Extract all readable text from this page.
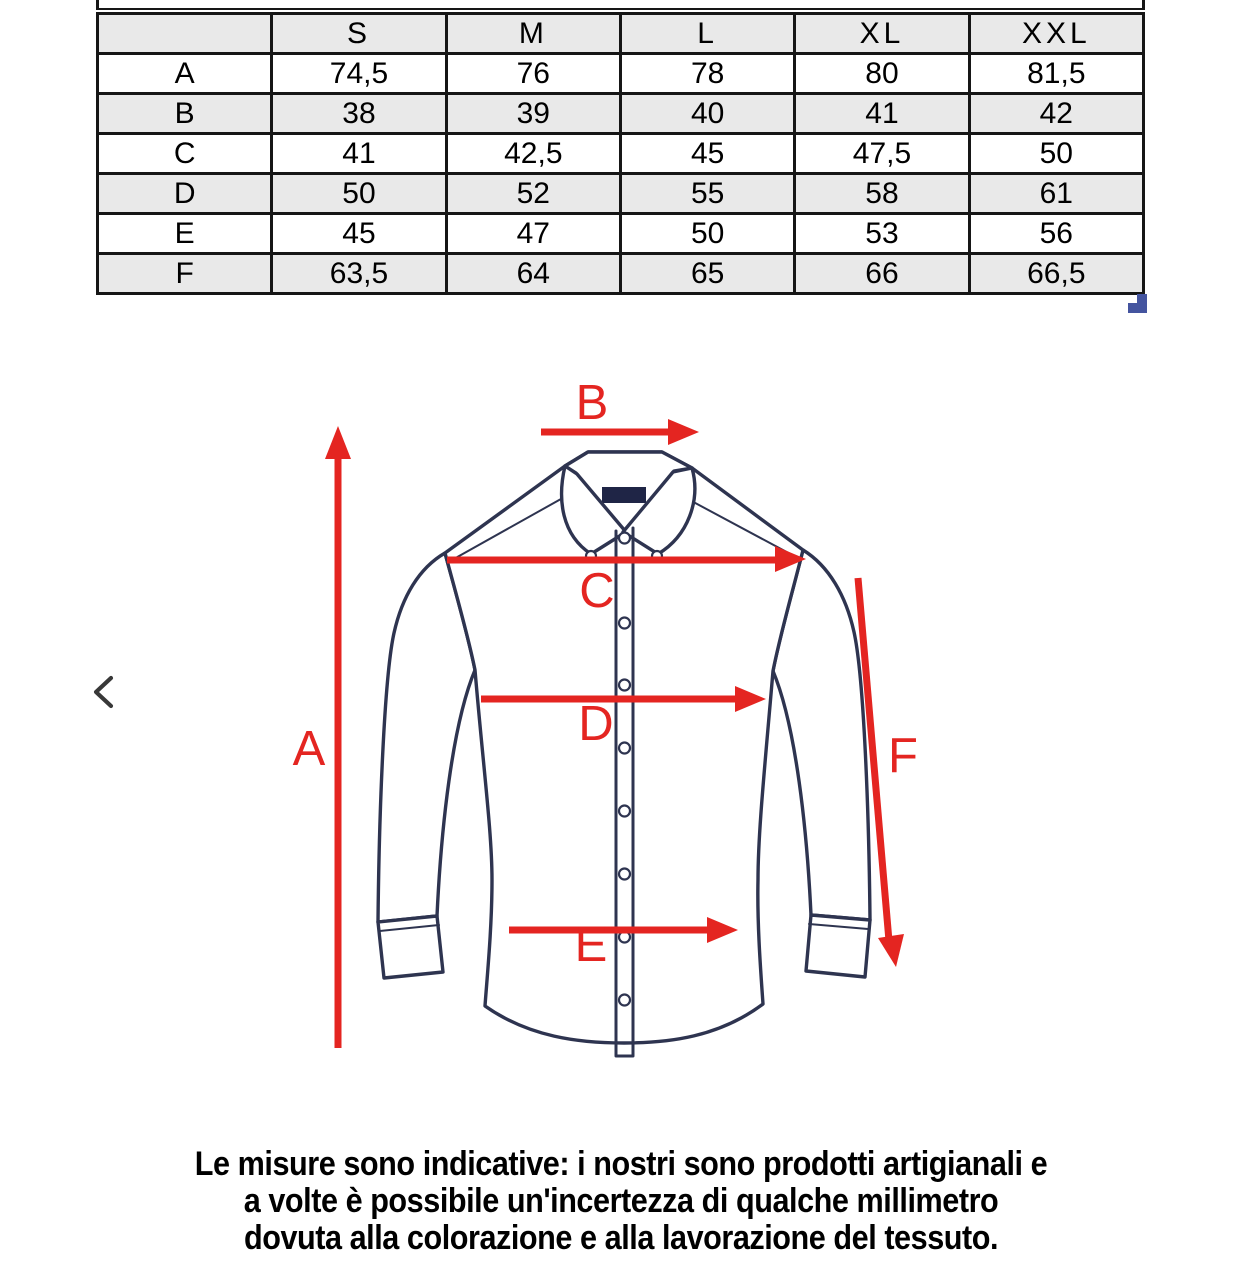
	S	M	L	XL	XXL
A	74,5	76	78	80	81,5
B	38	39	40	41	42
C	41	42,5	45	47,5	50
D	50	52	55	58	61
E	45	47	50	53	56
F	63,5	64	65	66	66,5
A
B
C
D
E
F
Le misure sono indicative: i nostri sono prodotti artigianali e
a volte è possibile un'incertezza di qualche millimetro
dovuta alla colorazione e alla lavorazione del tessuto.
